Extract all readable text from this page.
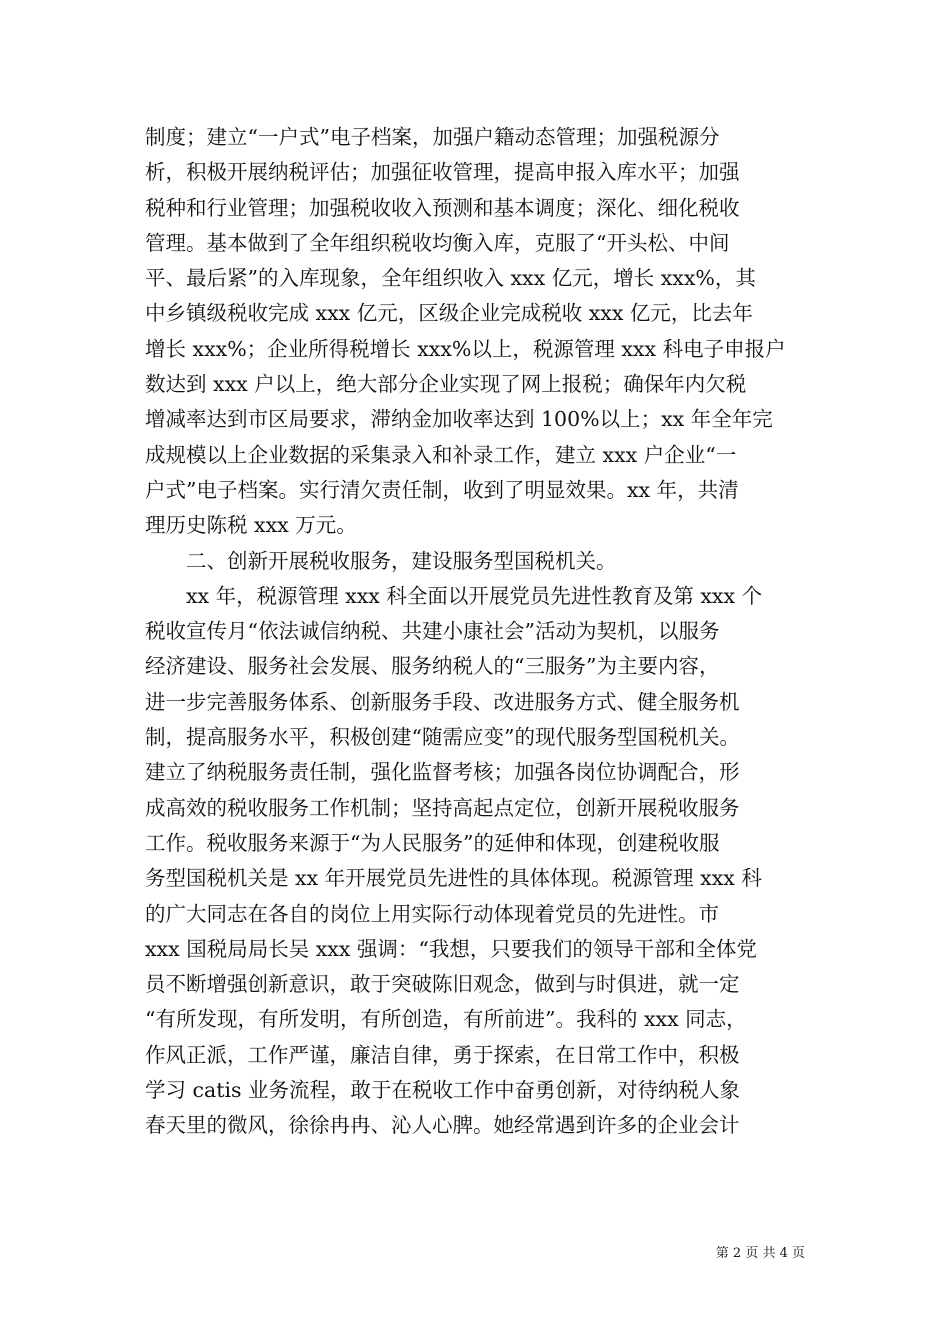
制度；建立“一户式”电子档案，加强户籍动态管理；加强税源分
析，积极开展纳税评估；加强征收管理，提高申报入库水平；加强
税种和行业管理；加强税收收入预测和基本调度；深化、细化税收
管理。基本做到了全年组织税收均衡入库，克服了“开头松、中间
平、最后紧”的入库现象，全年组织收入 xxx 亿元，增长 xxx%，其
中乡镇级税收完成 xxx 亿元，区级企业完成税收 xxx 亿元，比去年
增长 xxx%；企业所得税增长 xxx%以上，税源管理 xxx 科电子申报户
数达到 xxx 户以上，绝大部分企业实现了网上报税；确保年内欠税
增减率达到市区局要求，滞纳金加收率达到 100%以上；xx 年全年完
成规模以上企业数据的采集录入和补录工作，建立 xxx 户企业“一
户式”电子档案。实行清欠责任制，收到了明显效果。xx 年，共清
理历史陈税 xxx 万元。
二、创新开展税收服务，建设服务型国税机关。
xx 年，税源管理 xxx 科全面以开展党员先进性教育及第 xxx 个
税收宣传月“依法诚信纳税、共建小康社会”活动为契机，以服务
经济建设、服务社会发展、服务纳税人的“三服务”为主要内容，
进一步完善服务体系、创新服务手段、改进服务方式、健全服务机
制，提高服务水平，积极创建“随需应变”的现代服务型国税机关。
建立了纳税服务责任制，强化监督考核；加强各岗位协调配合，形
成高效的税收服务工作机制；坚持高起点定位，创新开展税收服务
工作。税收服务来源于“为人民服务”的延伸和体现，创建税收服
务型国税机关是 xx 年开展党员先进性的具体体现。税源管理 xxx 科
的广大同志在各自的岗位上用实际行动体现着党员的先进性。市
xxx 国税局局长吴 xxx 强调：“我想，只要我们的领导干部和全体党
员不断增强创新意识，敢于突破陈旧观念，做到与时俱进，就一定
“有所发现，有所发明，有所创造，有所前进”。我科的 xxx 同志，
作风正派，工作严谨，廉洁自律，勇于探索，在日常工作中，积极
学习 catis 业务流程，敢于在税收工作中奋勇创新，对待纳税人象
春天里的微风，徐徐冉冉、沁人心脾。她经常遇到许多的企业会计
第 2 页 共 4 页
